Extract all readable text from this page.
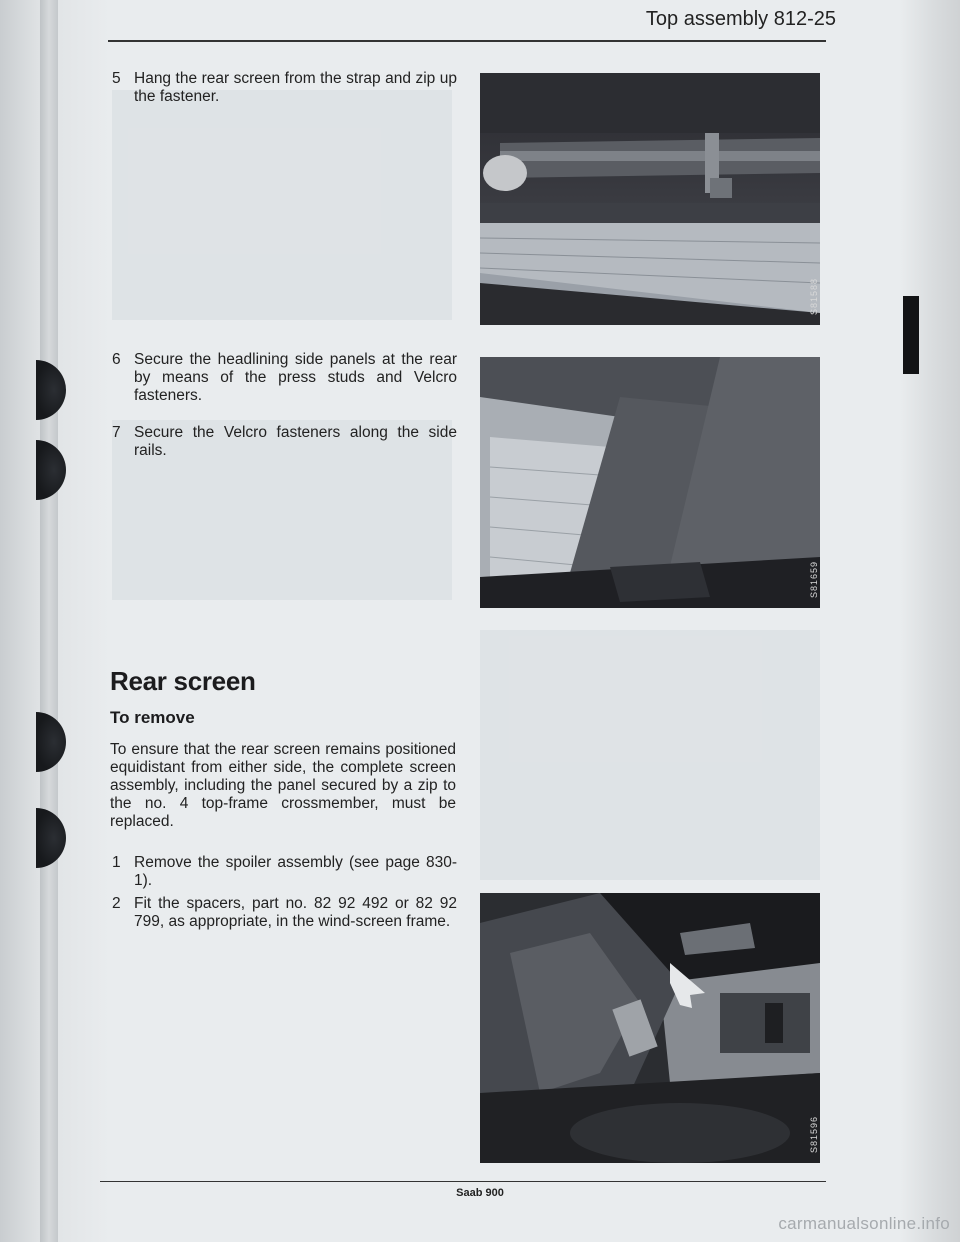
Top assembly 812-25
5 Hang the rear screen from the strap and zip up the fastener.
6 Secure the headlining side panels at the rear by means of the press studs and Velcro fasteners.
7 Secure the Velcro fasteners along the side rails.
Rear screen
To remove
To ensure that the rear screen remains positioned equidistant from either side, the complete screen assembly, including the panel secured by a zip to the no. 4 top-frame crossmember, must be replaced.
1 Remove the spoiler assembly (see page 830-1).
2 Fit the spacers, part no. 82 92 492 or 82 92 799, as appropriate, in the wind-screen frame.
S81588
S81659
S81596
Saab 900
carmanualsonline.info
